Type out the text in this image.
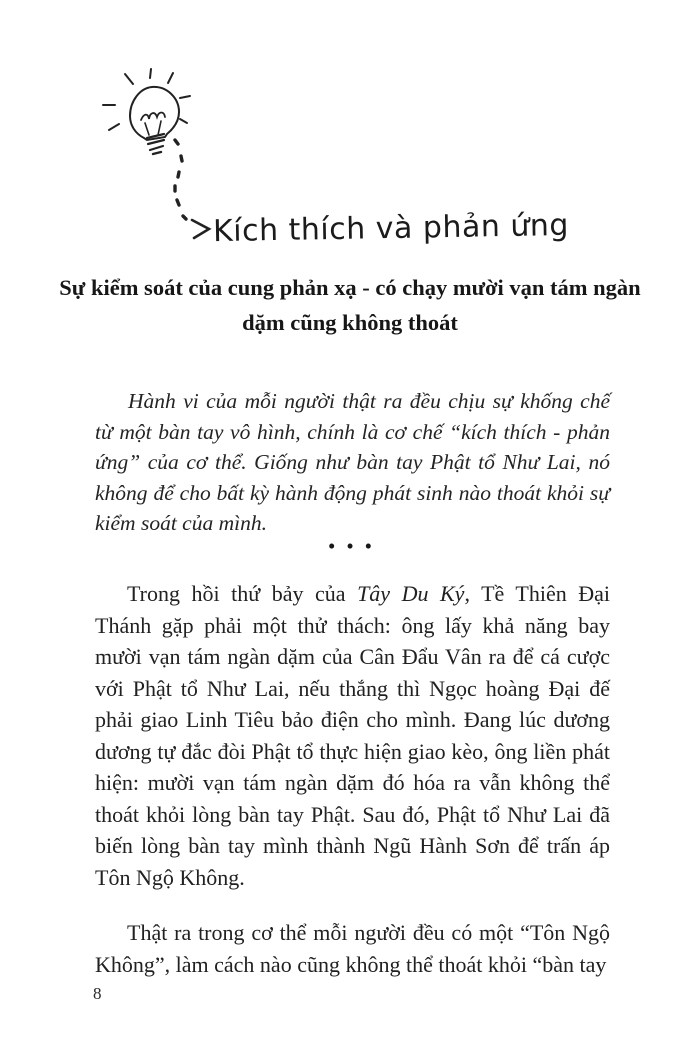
Kích thích và phản ứng
Sự kiểm soát của cung phản xạ - có chạy mười vạn tám ngàn dặm cũng không thoát
Hành vi của mỗi người thật ra đều chịu sự khống chế từ một bàn tay vô hình, chính là cơ chế “kích thích - phản ứng” của cơ thể. Giống như bàn tay Phật tổ Như Lai, nó không để cho bất kỳ hành động phát sinh nào thoát khỏi sự kiểm soát của mình.
•••

Trong hồi thứ bảy của Tây Du Ký, Tề Thiên Đại Thánh gặp phải một thử thách: ông lấy khả năng bay mười vạn tám ngàn dặm của Cân Đẩu Vân ra để cá cược với Phật tổ Như Lai, nếu thắng thì Ngọc hoàng Đại đế phải giao Linh Tiêu bảo điện cho mình. Đang lúc dương dương tự đắc đòi Phật tổ thực hiện giao kèo, ông liền phát hiện: mười vạn tám ngàn dặm đó hóa ra vẫn không thể thoát khỏi lòng bàn tay Phật. Sau đó, Phật tổ Như Lai đã biến lòng bàn tay mình thành Ngũ Hành Sơn để trấn áp Tôn Ngộ Không.

Thật ra trong cơ thể mỗi người đều có một “Tôn Ngộ Không”, làm cách nào cũng không thể thoát khỏi “bàn tay

8
